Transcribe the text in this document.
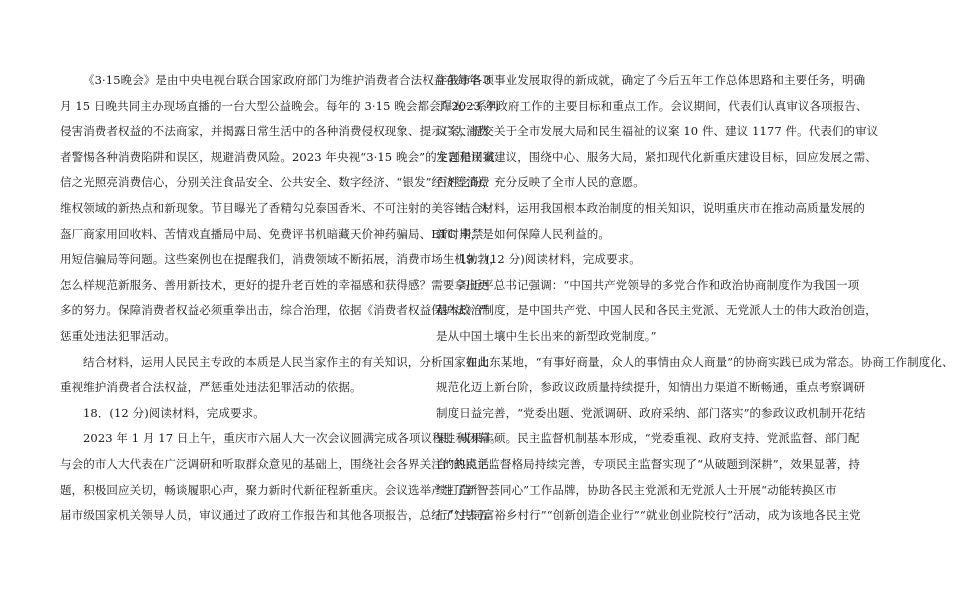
《3·15晚会》是由中央电视台联合国家政府部门为维护消费者合法权益在每年 3
月 15 日晚共同主办现场直播的一台大型公益晚会。每年的 3·15 晚会都会曝光一系列
侵害消费者权益的不法商家，并揭露日常生活中的各种消费侵权现象、提示广大消费
者警惕各种消费陷阱和误区，规避消费风险。2023 年央视“3·15 晚会”的主题是用诚
信之光照亮消费信心，分别关注食品安全、公共安全、数字经济、“银发”经济等消费
维权领域的新热点和新现象。节目曝光了香精勾兑泰国香米、不可注射的美容针、头
盔厂商家用回收料、苦情戏直播局中局、免费评书机暗藏天价神药骗局、ETC 卡禁
用短信骗局等问题。这些案例也在提醒我们，消费领域不断拓展，消费市场生机勃勃，
怎么样规范新服务、善用新技术，更好的提升老百姓的幸福感和获得感？需要拿出更
多的努力。保障消费者权益必须重拳出击，综合治理，依据《消费者权益保护法》严
惩重处违法犯罪活动。
结合材料，运用人民民主专政的本质是人民当家作主的有关知识，分析国家如此
重视维护消费者合法权益，严惩重处违法犯罪活动的依据。
18．(12 分)阅读材料，完成要求。
2023 年 1 月 17 日上午，重庆市六届人大一次会议圆满完成各项议程胜利闭幕。
与会的市人大代表在广泛调研和听取群众意见的基础上，围绕社会各界关注的热点话
题，积极回应关切，畅谈履职心声，聚力新时代新征程新重庆。会议选举产生了新一
届市级国家机关领导人员，审议通过了政府工作报告和其他各项报告，总结了过去五
年我市各项事业发展取得的新成就，确定了今后五年工作总体思路和主要任务，明确
了 2023 年政府工作的主要目标和重点工作。会议期间，代表们认真审议各项报告、
议案，提交关于全市发展大局和民生福祉的议案 10 件、建议 1177 件。代表们的审议
发言和议案建议，围绕中心、服务大局，紧扣现代化新重庆建设目标，回应发展之需、
百姓之盼，充分反映了全市人民的意愿。
结合材料，运用我国根本政治制度的相关知识，说明重庆市在推动高质量发展的
新时期，是如何保障人民利益的。
19．(12 分)阅读材料，完成要求。
习近平总书记强调：“中国共产党领导的多党合作和政治协商制度作为我国一项
基本政治制度，是中国共产党、中国人民和各民主党派、无党派人士的伟大政治创造，
是从中国土壤中生长出来的新型政党制度。”
在山东某地，“有事好商量，众人的事情由众人商量”的协商实践已成为常态。协商工作制度化、
规范化迈上新台阶，参政议政质量持续提升，知情出力渠道不断畅通，重点考察调研
制度日益完善，“党委出题、党派调研、政府采纳、部门落实”的参政议政机制开花结
果、成果丰硕。民主监督机制基本形成，“党委重视、政府支持、党派监督、部门配
合”的民主监督格局持续完善，专项民主监督实现了“从破题到深耕”，效果显著，持
续打造“智荟同心”工作品牌，协助各民主党派和无党派人士开展“动能转换区市
行”“共同富裕乡村行”“创新创造企业行”“就业创业院校行”活动，成为该地各民主党
